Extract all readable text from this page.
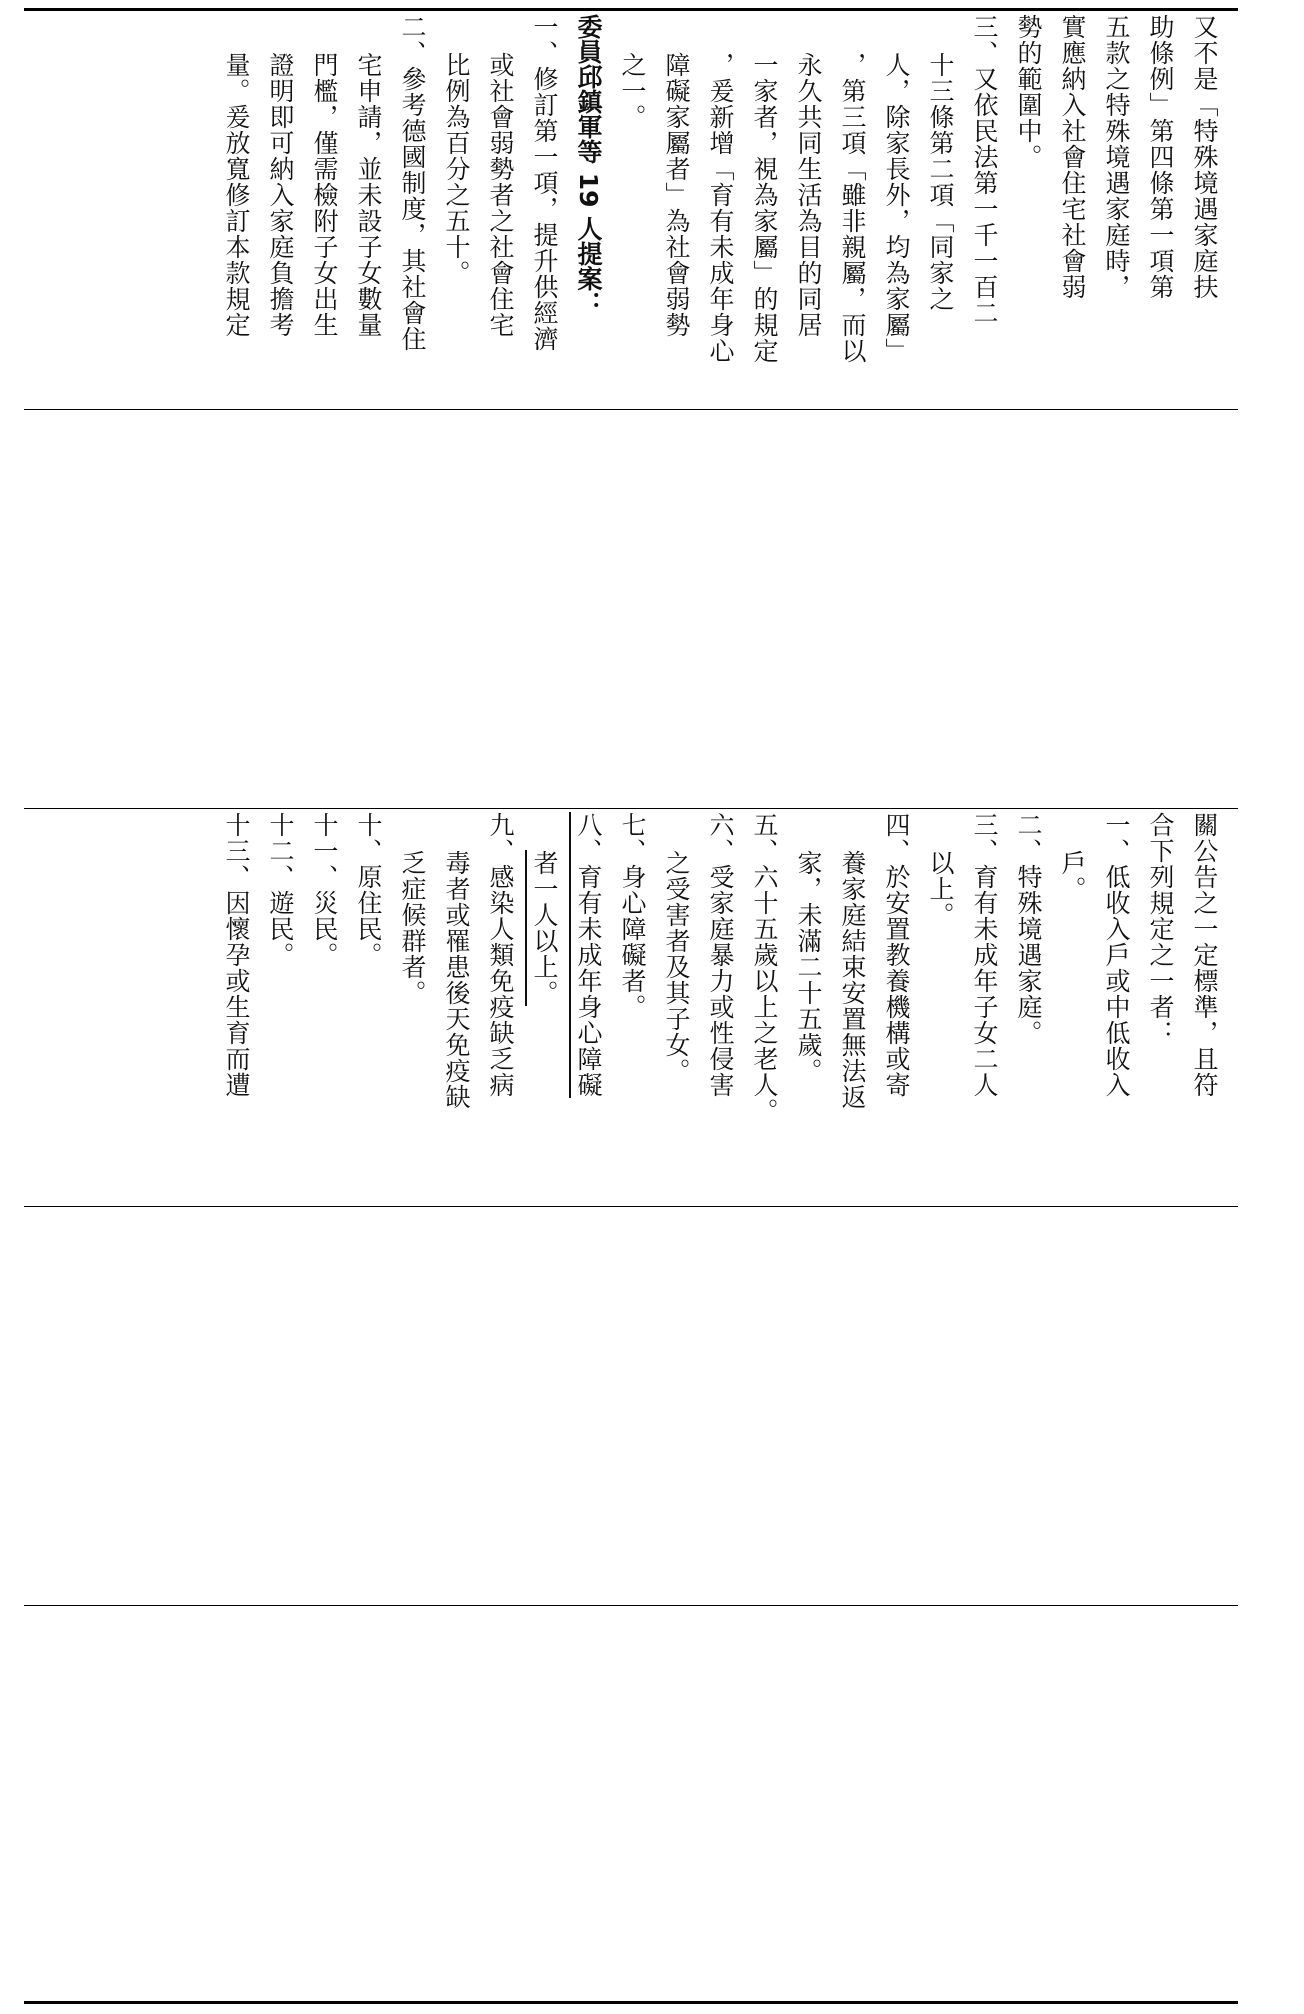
又不是「特殊境遇家庭扶
助條例」第四條第一項第
五款之特殊境遇家庭時，
實應納入社會住宅社會弱
勢的範圍中。
三、又依民法第一千一百二
十三條第二項「同家之
人，除家長外，均為家屬」
，第三項「雖非親屬，而以
永久共同生活為目的同居
一家者，視為家屬」的規定
，爰新增「育有未成年身心
障礙家屬者」為社會弱勢
之一。
委員邱鎮軍等 19 人提案：
一、修訂第一項，提升供經濟
或社會弱勢者之社會住宅
比例為百分之五十。
二、參考德國制度，其社會住
宅申請，並未設子女數量
門檻，僅需檢附子女出生
證明即可納入家庭負擔考
量。爰放寬修訂本款規定
關公告之一定標準，且符
合下列規定之一者：
一、低收入戶或中低收入
戶。
二、特殊境遇家庭。
三、育有未成年子女二人
以上。
四、於安置教養機構或寄
養家庭結束安置無法返
家，未滿二十五歲。
五、六十五歲以上之老人。
六、受家庭暴力或性侵害
之受害者及其子女。
七、身心障礙者。
八、育有未成年身心障礙
者一人以上。
九、感染人類免疫缺乏病
毒者或罹患後天免疫缺
乏症候群者。
十、原住民。
十一、災民。
十二、遊民。
十三、因懷孕或生育而遭
